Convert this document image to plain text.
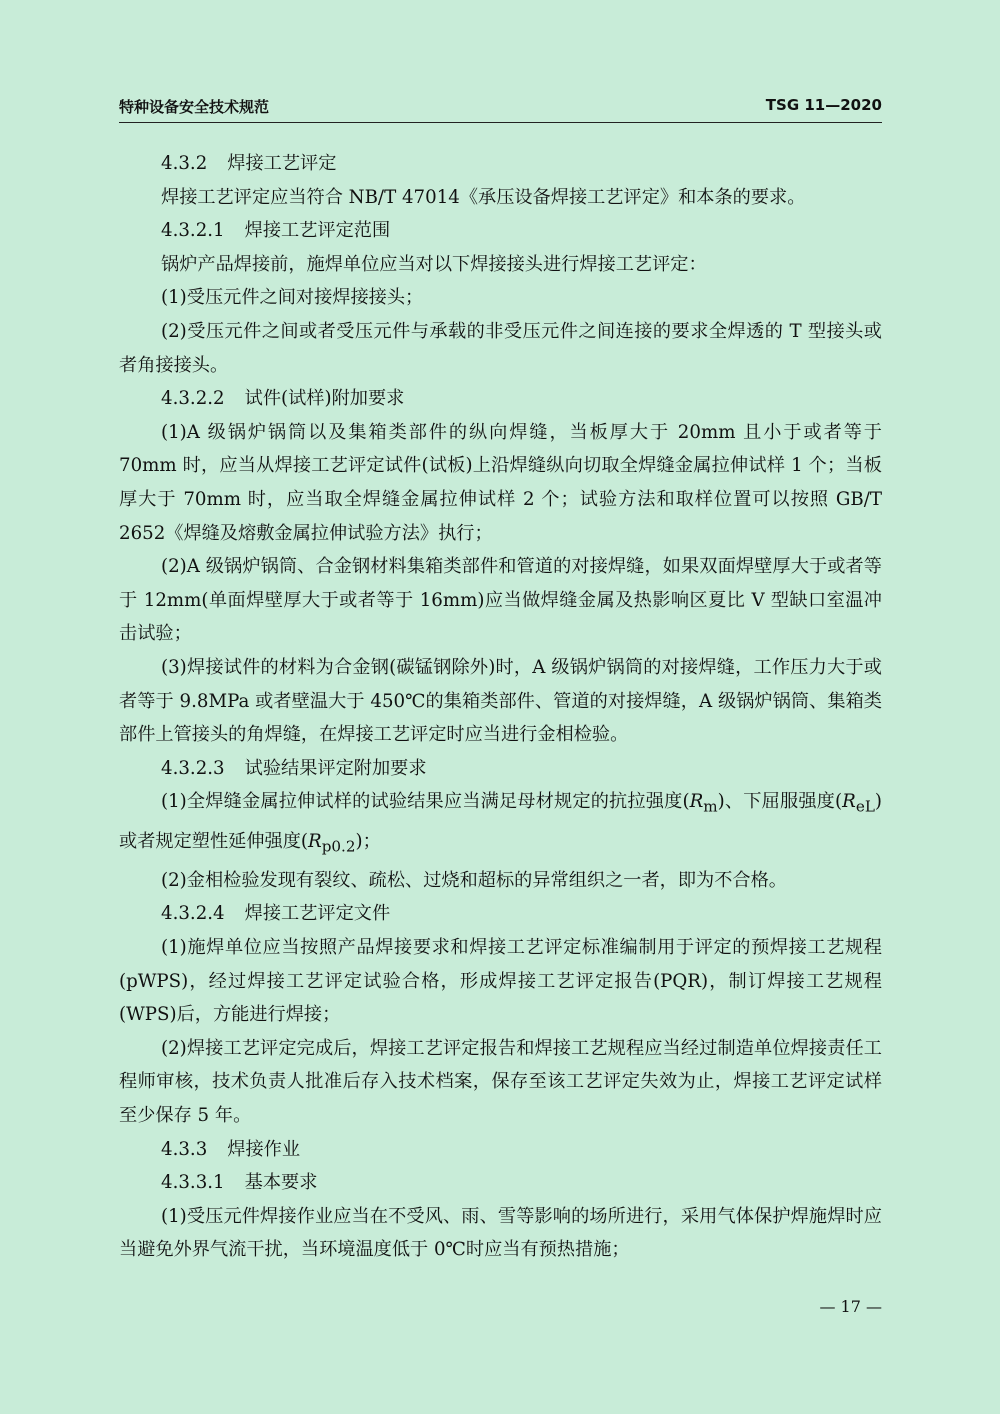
特种设备安全技术规范	TSG 11—2020

4.3.2 焊接工艺评定

焊接工艺评定应当符合 NB/T 47014《承压设备焊接工艺评定》和本条的要求。

4.3.2.1 焊接工艺评定范围

锅炉产品焊接前，施焊单位应当对以下焊接接头进行焊接工艺评定：

(1)受压元件之间对接焊接接头；

(2)受压元件之间或者受压元件与承载的非受压元件之间连接的要求全焊透的 T 型接头或者角接接头。

4.3.2.2 试件(试样)附加要求

(1)A 级锅炉锅筒以及集箱类部件的纵向焊缝，当板厚大于 20mm 且小于或者等于 70mm 时，应当从焊接工艺评定试件(试板)上沿焊缝纵向切取全焊缝金属拉伸试样 1 个；当板厚大于 70mm 时，应当取全焊缝金属拉伸试样 2 个；试验方法和取样位置可以按照 GB/T 2652《焊缝及熔敷金属拉伸试验方法》执行；

(2)A 级锅炉锅筒、合金钢材料集箱类部件和管道的对接焊缝，如果双面焊壁厚大于或者等于 12mm(单面焊壁厚大于或者等于 16mm)应当做焊缝金属及热影响区夏比 V 型缺口室温冲击试验；

(3)焊接试件的材料为合金钢(碳锰钢除外)时，A 级锅炉锅筒的对接焊缝，工作压力大于或者等于 9.8MPa 或者壁温大于 450℃的集箱类部件、管道的对接焊缝，A 级锅炉锅筒、集箱类部件上管接头的角焊缝，在焊接工艺评定时应当进行金相检验。

4.3.2.3 试验结果评定附加要求

(1)全焊缝金属拉伸试样的试验结果应当满足母材规定的抗拉强度$(R_m)$、下屈服强度$(R_{eL})$或者规定塑性延伸强度$(R_{p0.2})$；

(2)金相检验发现有裂纹、疏松、过烧和超标的异常组织之一者，即为不合格。

4.3.2.4 焊接工艺评定文件

(1)施焊单位应当按照产品焊接要求和焊接工艺评定标准编制用于评定的预焊接工艺规程(pWPS)，经过焊接工艺评定试验合格，形成焊接工艺评定报告(PQR)，制订焊接工艺规程(WPS)后，方能进行焊接；

(2)焊接工艺评定完成后，焊接工艺评定报告和焊接工艺规程应当经过制造单位焊接责任工程师审核，技术负责人批准后存入技术档案，保存至该工艺评定失效为止，焊接工艺评定试样至少保存 5 年。

4.3.3 焊接作业

4.3.3.1 基本要求

(1)受压元件焊接作业应当在不受风、雨、雪等影响的场所进行，采用气体保护焊施焊时应当避免外界气流干扰，当环境温度低于 0℃时应当有预热措施；

— 17 —
